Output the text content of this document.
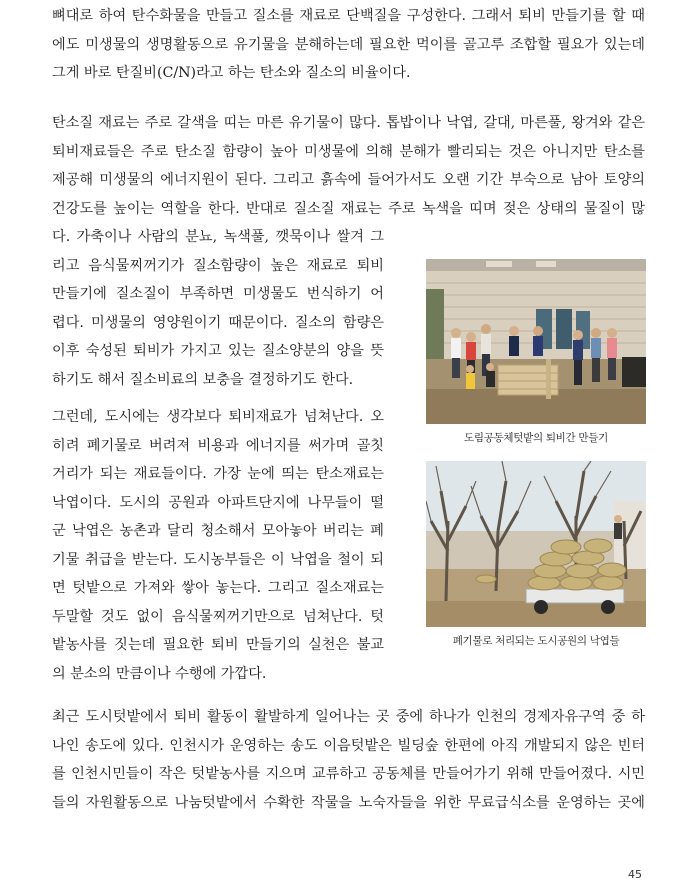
뼈대로 하여 탄수화물을 만들고 질소를 재료로 단백질을 구성한다. 그래서 퇴비 만들기를 할 때
에도 미생물의 생명활동으로 유기물을 분해하는데 필요한 먹이를 골고루 조합할 필요가 있는데
그게 바로 탄질비(C/N)라고 하는 탄소와 질소의 비율이다.

탄소질 재료는 주로 갈색을 띠는 마른 유기물이 많다. 톱밥이나 낙엽, 갈대, 마른풀, 왕겨와 같은
퇴비재료들은 주로 탄소질 함량이 높아 미생물에 의해 분해가 빨리되는 것은 아니지만 탄소를
제공해 미생물의 에너지원이 된다. 그리고 흙속에 들어가서도 오랜 기간 부숙으로 남아 토양의
건강도를 높이는 역할을 한다. 반대로 질소질 재료는 주로 녹색을 띠며 젖은 상태의 물질이 많

다. 가축이나 사람의 분뇨, 녹색풀, 깻묵이나 쌀겨 그
리고 음식물찌꺼기가 질소함량이 높은 재료로 퇴비
만들기에 질소질이 부족하면 미생물도 번식하기 어
렵다. 미생물의 영양원이기 때문이다. 질소의 함량은
이후 숙성된 퇴비가 가지고 있는 질소양분의 양을 뜻
하기도 해서 질소비료의 보충을 결정하기도 한다.

그런데, 도시에는 생각보다 퇴비재료가 넘쳐난다. 오
히려 폐기물로 버려져 비용과 에너지를 써가며 골칫
거리가 되는 재료들이다. 가장 눈에 띄는 탄소재료는
낙엽이다. 도시의 공원과 아파트단지에 나무들이 떨
군 낙엽은 농촌과 달리 청소해서 모아놓아 버리는 폐
기물 취급을 받는다. 도시농부들은 이 낙엽을 철이 되
면 텃밭으로 가져와 쌓아 놓는다. 그리고 질소재료는
두말할 것도 없이 음식물찌꺼기만으로 넘쳐난다. 텃
밭농사를 짓는데 필요한 퇴비 만들기의 실천은 불교
의 분소의 만큼이나 수행에 가깝다.

최근 도시텃밭에서 퇴비 활동이 활발하게 일어나는 곳 중에 하나가 인천의 경제자유구역 중 하
나인 송도에 있다. 인천시가 운영하는 송도 이음텃밭은 빌딩숲 한편에 아직 개발되지 않은 빈터
를 인천시민들이 작은 텃밭농사를 지으며 교류하고 공동체를 만들어가기 위해 만들어졌다. 시민
들의 자원활동으로 나눔텃밭에서 수확한 작물을 노숙자들을 위한 무료급식소를 운영하는 곳에

도림공동체텃밭의 퇴비간 만들기
폐기물로 처리되는 도시공원의 낙엽들
45
